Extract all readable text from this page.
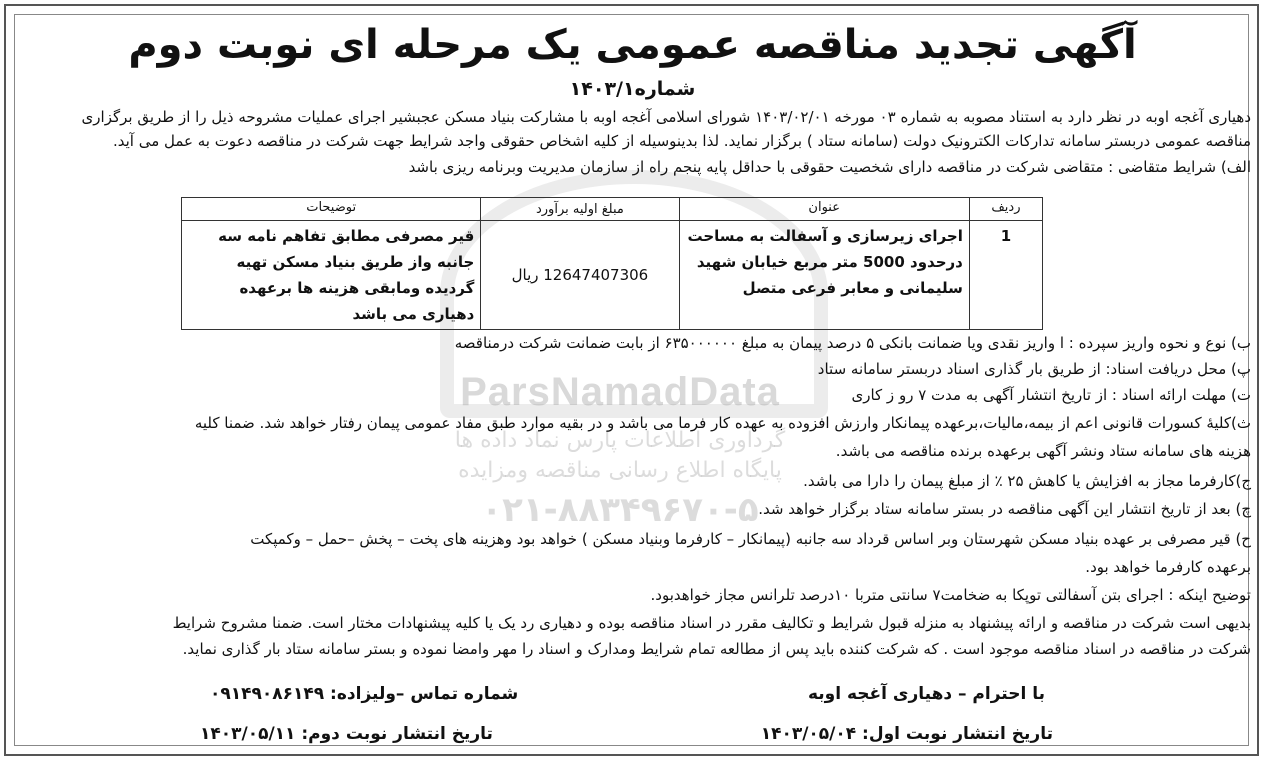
ParsNamadData
گردآوری اطلاعات پارس نماد داده ها
پایگاه اطلاع رسانی مناقصه ومزایده
۰۲۱-۸۸۳۴۹۶۷۰-۵
آگهی تجدید مناقصه عمومی یک مرحله ای نوبت دوم
شماره۱۴۰۳/۱
دهیاری آغجه اوبه در نظر دارد به استناد مصوبه به شماره ۰۳ مورخه ۱۴۰۳/۰۲/۰۱ شورای اسلامی آغجه اوبه با مشارکت بنیاد مسکن عجبشیر اجرای عملیات مشروحه ذیل را از طریق برگزاری
مناقصه عمومی دربستر سامانه تدارکات الکترونیک دولت (سامانه ستاد ) برگزار نماید. لذا بدینوسیله از کلیه اشخاص حقوقی واجد شرایط جهت شرکت در مناقصه دعوت به عمل می آید.
الف) شرایط متقاضی : متقاضی شرکت در مناقصه دارای شخصیت حقوقی با حداقل پایه پنجم راه از سازمان مدیریت وبرنامه ریزی باشد
ردیف	عنوان	مبلغ اولیه برآورد	توضیحات
1	اجرای زیرسازی و آسفالت به مساحت درحدود 5000 متر مربع خیابان شهید سلیمانی و معابر فرعی متصل	12647407306 ریال	قیر مصرفی مطابق تفاهم نامه سه جانبه واز طریق بنیاد مسکن تهیه گردیده ومابقی هزینه ها برعهده دهیاری می باشد
ب) نوع و نحوه واریز سپرده : ا واریز نقدی ویا ضمانت بانکی ۵ درصد پیمان به مبلغ ۶۳۵۰۰۰۰۰۰ از بابت ضمانت شرکت درمناقصه
پ) محل دریافت اسناد: از طریق بار گذاری اسناد دربستر سامانه ستاد
ت) مهلت ارائه اسناد : از تاریخ انتشار آگهی به مدت ۷ رو ز کاری
ث)کلیهٔ کسورات قانونی اعم از بیمه،مالیات،برعهده پیمانکار وارزش افزوده به عهده کار فرما می باشد و در بقیه موارد طبق مفاد عمومی پیمان رفتار خواهد شد. ضمنا کلیه
هزینه های سامانه ستاد ونشر آگهی برعهده برنده مناقصه می باشد.
ج)کارفرما مجاز به افزایش یا کاهش ۲۵ ٪ از مبلغ پیمان را دارا می باشد.
چ) بعد از تاریخ انتشار این آگهی مناقصه در بستر سامانه ستاد برگزار خواهد شد.
ح) قیر مصرفی بر عهده بنیاد مسکن شهرستان وبر اساس قرداد سه جانبه (پیمانکار – کارفرما وبنیاد مسکن ) خواهد بود وهزینه های پخت – پخش –حمل – وکمپکت
برعهده کارفرما خواهد بود.
توضیح اینکه : اجرای بتن آسفالتی توپکا به ضخامت۷ سانتی متربا ۱۰درصد تلرانس مجاز خواهدبود.
بدیهی است شرکت در مناقصه و ارائه پیشنهاد به منزله قبول شرایط و تکالیف مقرر در اسناد مناقصه بوده و دهیاری رد یک یا کلیه پیشنهادات مختار است. ضمنا مشروح شرایط
شرکت در مناقصه در اسناد مناقصه موجود است . که شرکت کننده باید پس از مطالعه تمام شرایط ومدارک و اسناد را مهر وامضا نموده و بستر سامانه ستاد بار گذاری نماید.
با احترام – دهیاری آغجه اوبه
شماره تماس –ولیزاده: ۰۹۱۴۹۰۸۶۱۴۹
تاریخ انتشار نوبت اول: ۱۴۰۳/۰۵/۰۴
تاریخ انتشار نوبت دوم: ۱۴۰۳/۰۵/۱۱
